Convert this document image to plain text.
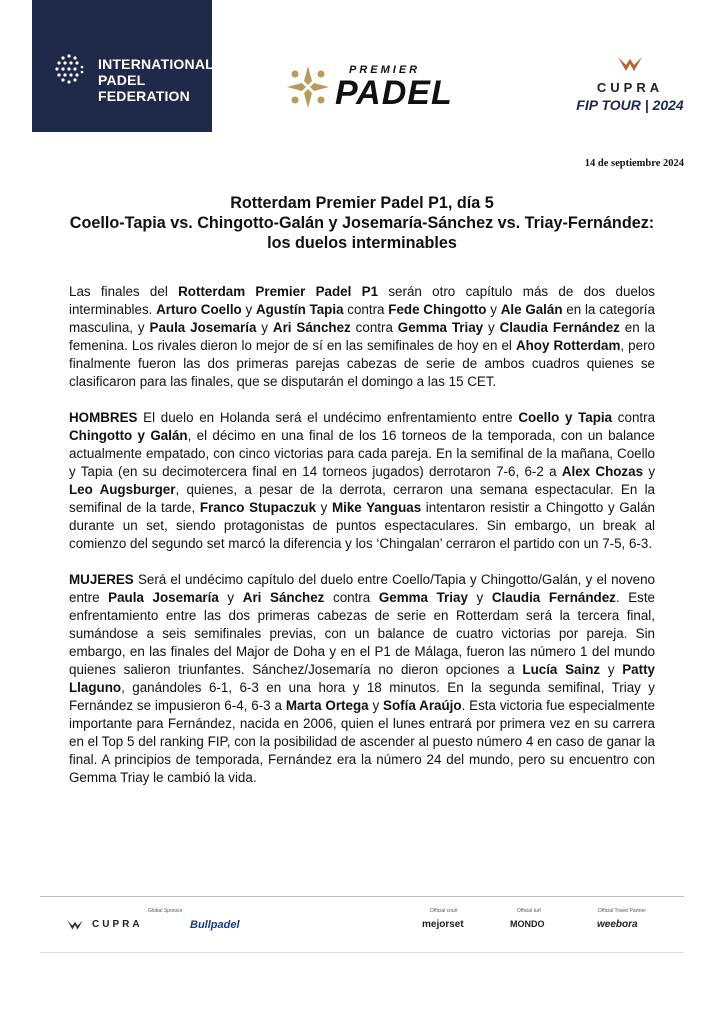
INTERNATIONAL
PADEL
FEDERATION
PREMIER
PADEL	CUPRA
FIP TOUR | 2024
14 de septiembre 2024
Rotterdam Premier Padel P1, día 5
Coello-Tapia vs. Chingotto-Galán y Josemaría-Sánchez vs. Triay-Fernández:
los duelos interminables

Las finales del Rotterdam Premier Padel P1 serán otro capítulo más de dos duelos interminables. Arturo Coello y Agustín Tapia contra Fede Chingotto y Ale Galán en la categoría masculina, y Paula Josemaría y Ari Sánchez contra Gemma Triay y Claudia Fernández en la femenina. Los rivales dieron lo mejor de sí en las semifinales de hoy en el Ahoy Rotterdam, pero finalmente fueron las dos primeras parejas cabezas de serie de ambos cuadros quienes se clasificaron para las finales, que se disputarán el domingo a las 15 CET.

HOMBRES El duelo en Holanda será el undécimo enfrentamiento entre Coello y Tapia contra Chingotto y Galán, el décimo en una final de los 16 torneos de la temporada, con un balance actualmente empatado, con cinco victorias para cada pareja. En la semifinal de la mañana, Coello y Tapia (en su decimotercera final en 14 torneos jugados) derrotaron 7-6, 6-2 a Alex Chozas y Leo Augsburger, quienes, a pesar de la derrota, cerraron una semana espectacular. En la semifinal de la tarde, Franco Stupaczuk y Mike Yanguas intentaron resistir a Chingotto y Galán durante un set, siendo protagonistas de puntos espectaculares. Sin embargo, un break al comienzo del segundo set marcó la diferencia y los ‘Chingalan’ cerraron el partido con un 7-5, 6-3.

MUJERES Será el undécimo capítulo del duelo entre Coello/Tapia y Chingotto/Galán, y el noveno entre Paula Josemaría y Ari Sánchez contra Gemma Triay y Claudia Fernández. Este enfrentamiento entre las dos primeras cabezas de serie en Rotterdam será la tercera final, sumándose a seis semifinales previas, con un balance de cuatro victorias por pareja. Sin embargo, en las finales del Major de Doha y en el P1 de Málaga, fueron las número 1 del mundo quienes salieron triunfantes. Sánchez/Josemaría no dieron opciones a Lucía Sainz y Patty Llaguno, ganándoles 6-1, 6-3 en una hora y 18 minutos. En la segunda semifinal, Triay y Fernández se impusieron 6-4, 6-3 a Marta Ortega y Sofía Araújo. Esta victoria fue especialmente importante para Fernández, nacida en 2006, quien el lunes entrará por primera vez en su carrera en el Top 5 del ranking FIP, con la posibilidad de ascender al puesto número 4 en caso de ganar la final. A principios de temporada, Fernández era la número 24 del mundo, pero su encuentro con Gemma Triay le cambió la vida.

Global Sponsor	Official court	Official turf	Official Travel Partner
CUPRA	Bullpadel	mejorset	MONDO	weebora
